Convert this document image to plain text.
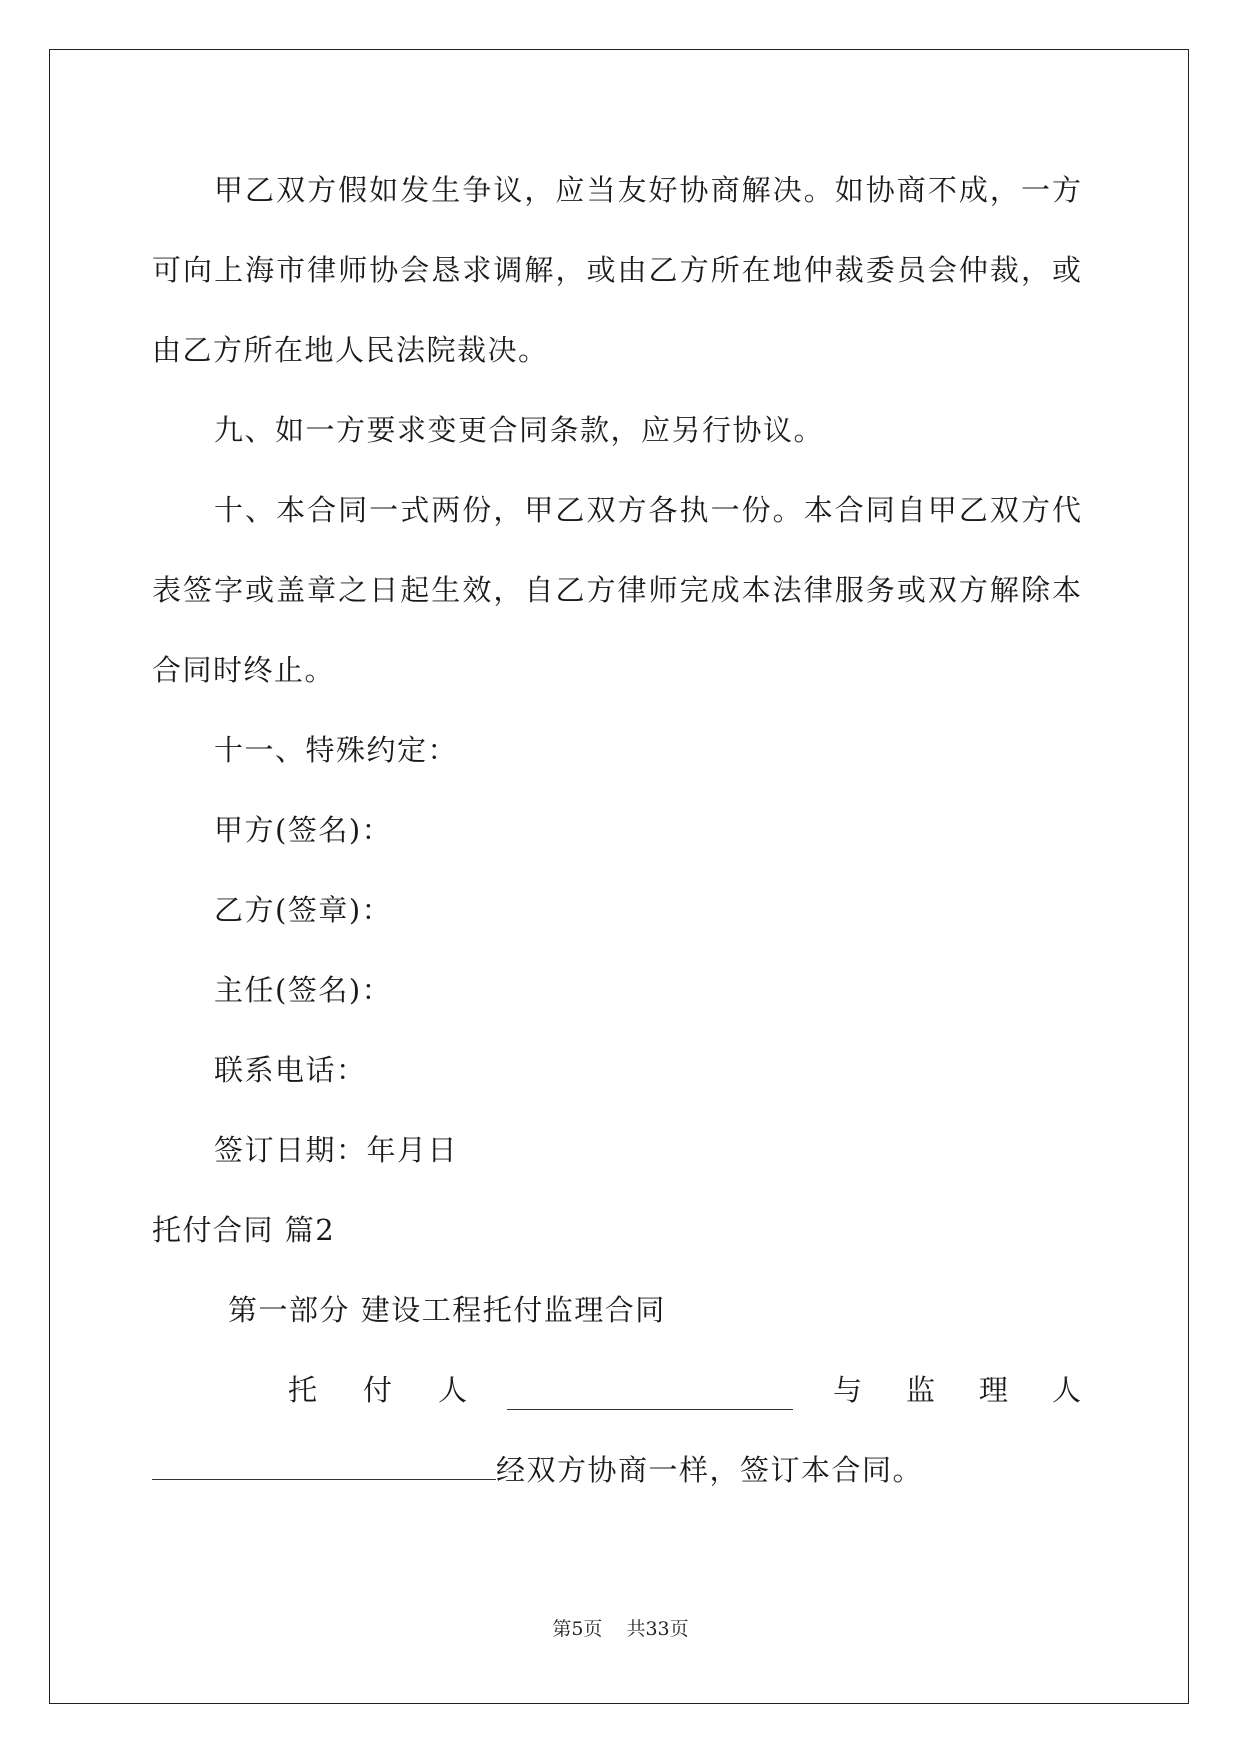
甲乙双方假如发生争议，应当友好协商解决。如协商不成，一方
可向上海市律师协会恳求调解，或由乙方所在地仲裁委员会仲裁，或
由乙方所在地人民法院裁决。
九、如一方要求变更合同条款，应另行协议。
十、本合同一式两份，甲乙双方各执一份。本合同自甲乙双方代
表签字或盖章之日起生效，自乙方律师完成本法律服务或双方解除本
合同时终止。
十一、特殊约定：
甲方(签名)：
乙方(签章)：
主任(签名)：
联系电话：
签订日期：年月日
托付合同 篇2
第一部分 建设工程托付监理合同
托 付 人	与 监 理 人
经双方协商一样，签订本合同。
第5页 共33页
